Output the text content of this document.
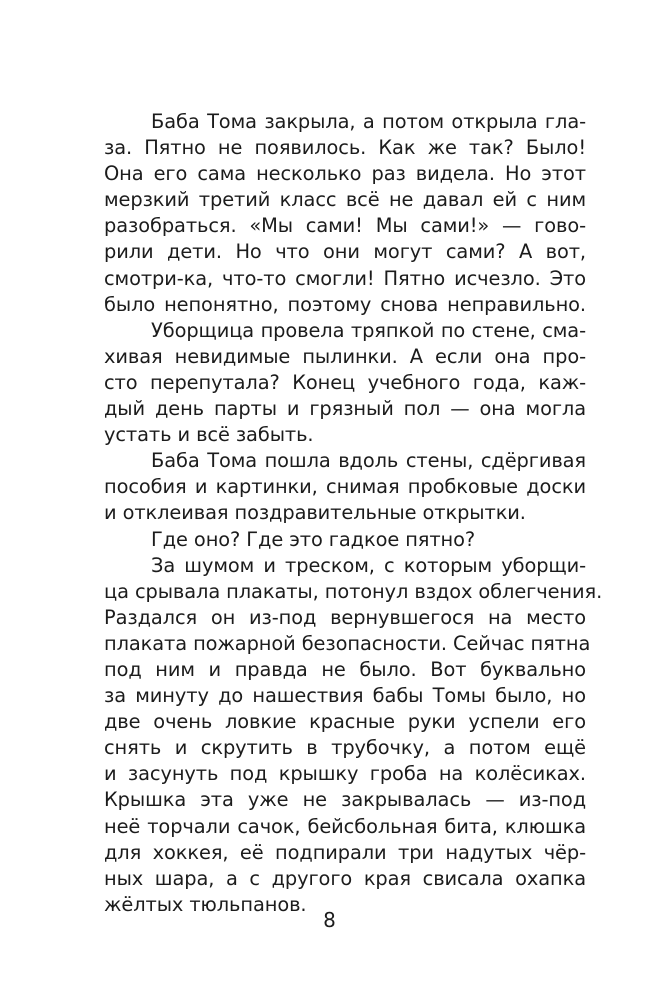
Баба Тома закрыла, а потом открыла гла-
за. Пятно не появилось. Как же так? Было!
Она его сама несколько раз видела. Но этот
мерзкий третий класс всё не давал ей с ним
разобраться. «Мы сами! Мы сами!» — гово-
рили дети. Но что они могут сами? А вот,
смотри-ка, что-то смогли! Пятно исчезло. Это
было непонятно, поэтому снова неправильно.
Уборщица провела тряпкой по стене, сма-
хивая невидимые пылинки. А если она про-
сто перепутала? Конец учебного года, каж-
дый день парты и грязный пол — она могла
устать и всё забыть.
Баба Тома пошла вдоль стены, сдёргивая
пособия и картинки, снимая пробковые доски
и отклеивая поздравительные открытки.
Где оно? Где это гадкое пятно?
За шумом и треском, с которым уборщи-
ца срывала плакаты, потонул вздох облегчения.
Раздался он из-под вернувшегося на место
плаката пожарной безопасности. Сейчас пятна
под ним и правда не было. Вот буквально
за минуту до нашествия бабы Томы было, но
две очень ловкие красные руки успели его
снять и скрутить в трубочку, а потом ещё
и засунуть под крышку гроба на колёсиках.
Крышка эта уже не закрывалась — из-под
неё торчали сачок, бейсбольная бита, клюшка
для хоккея, её подпирали три надутых чёр-
ных шара, а с другого края свисала охапка
жёлтых тюльпанов.
8
